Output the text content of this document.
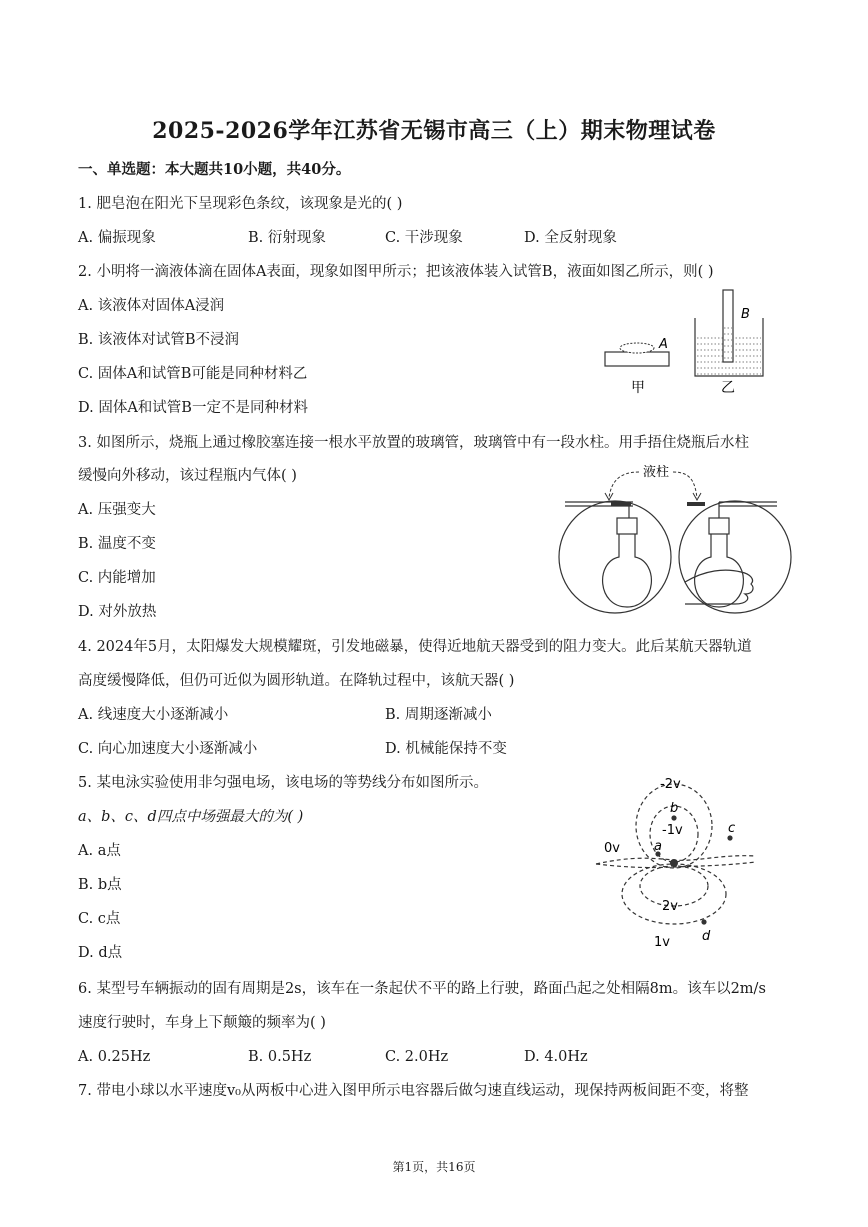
2025-2026学年江苏省无锡市高三（上）期末物理试卷
一、单选题：本大题共10小题，共40分。
1. 肥皂泡在阳光下呈现彩色条纹，该现象是光的( )
A. 偏振现象	B. 衍射现象	C. 干涉现象	D. 全反射现象
2. 小明将一滴液体滴在固体A表面，现象如图甲所示；把该液体装入试管B，液面如图乙所示，则( )
A. 该液体对固体A浸润
B. 该液体对试管B不浸润
C. 固体A和试管B可能是同种材料乙
D. 固体A和试管B一定不是同种材料
A
甲
B
乙
3. 如图所示，烧瓶上通过橡胶塞连接一根水平放置的玻璃管，玻璃管中有一段水柱。用手捂住烧瓶后水柱
缓慢向外移动，该过程瓶内气体( )
A. 压强变大
B. 温度不变
C. 内能增加
D. 对外放热
液柱
4. 2024年5月，太阳爆发大规模耀斑，引发地磁暴，使得近地航天器受到的阻力变大。此后某航天器轨道
高度缓慢降低，但仍可近似为圆形轨道。在降轨过程中，该航天器( )
A. 线速度大小逐渐减小	B. 周期逐渐减小
C. 向心加速度大小逐渐减小	D. 机械能保持不变
5. 某电泳实验使用非匀强电场，该电场的等势线分布如图所示。
a、b、c、d四点中场强最大的为( )
A. a点
B. b点
C. c点
D. d点
-2v
-1v
0v
2v
1v
a
b
c
d
6. 某型号车辆振动的固有周期是2s，该车在一条起伏不平的路上行驶，路面凸起之处相隔8m。该车以2m/s
速度行驶时，车身上下颠簸的频率为( )
A. 0.25Hz	B. 0.5Hz	C. 2.0Hz	D. 4.0Hz
7. 带电小球以水平速度v₀从两板中心进入图甲所示电容器后做匀速直线运动，现保持两板间距不变，将整
第1页，共16页
